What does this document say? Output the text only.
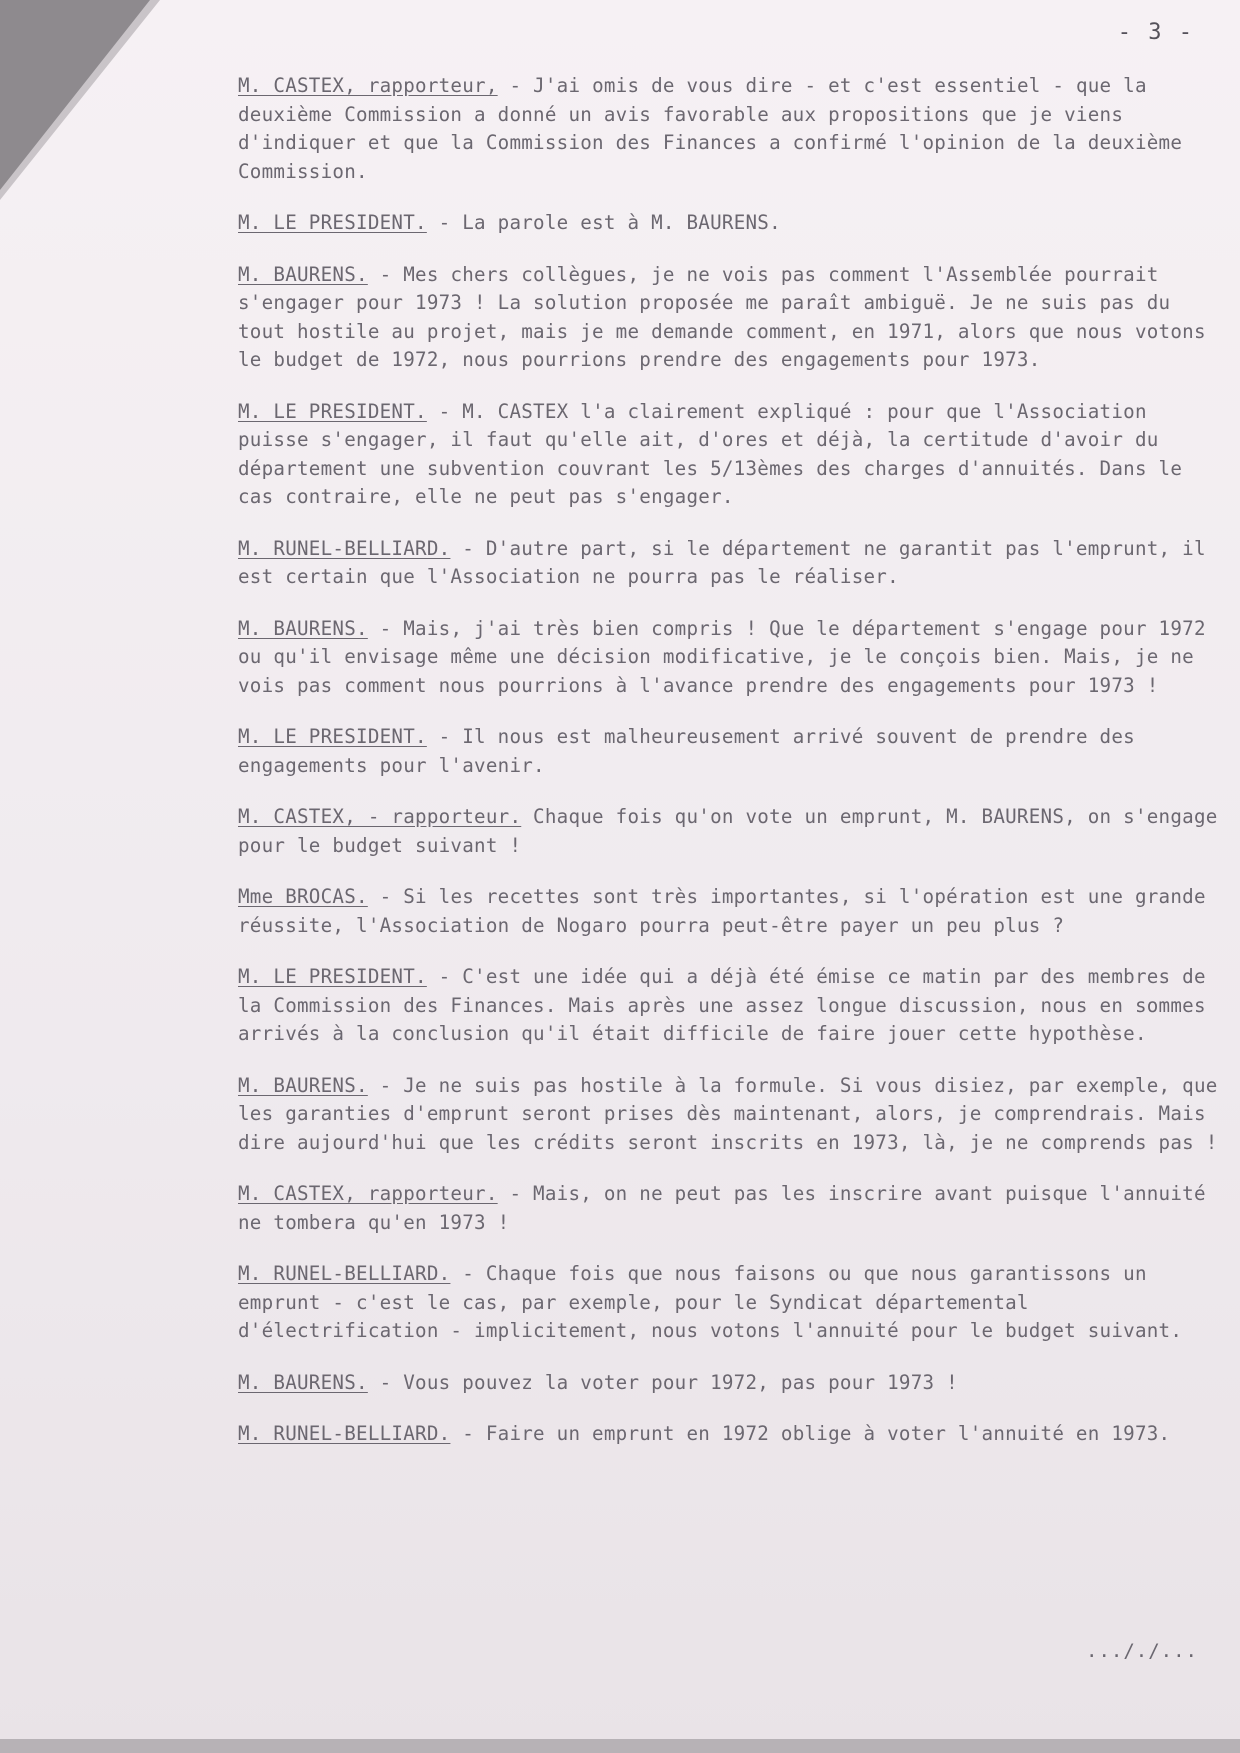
- 3 -

M. CASTEX, rapporteur, - J'ai omis de vous dire - et c'est essentiel - que la deuxième Commission a donné un avis favorable aux propositions que je viens d'indiquer et que la Commission des Finances a confirmé l'opinion de la deuxième Commission.

M. LE PRESIDENT. - La parole est à M. BAURENS.

M. BAURENS. - Mes chers collègues, je ne vois pas comment l'Assemblée pourrait s'engager pour 1973 ! La solution proposée me paraît ambiguë. Je ne suis pas du tout hostile au projet, mais je me demande comment, en 1971, alors que nous votons le budget de 1972, nous pourrions prendre des engagements pour 1973.

M. LE PRESIDENT. - M. CASTEX l'a clairement expliqué : pour que l'Association puisse s'engager, il faut qu'elle ait, d'ores et déjà, la certitude d'avoir du département une subvention couvrant les 5/13èmes des charges d'annuités. Dans le cas contraire, elle ne peut pas s'engager.

M. RUNEL-BELLIARD. - D'autre part, si le département ne garantit pas l'emprunt, il est certain que l'Association ne pourra pas le réaliser.

M. BAURENS. - Mais, j'ai très bien compris ! Que le département s'engage pour 1972 ou qu'il envisage même une décision modificative, je le conçois bien. Mais, je ne vois pas comment nous pourrions à l'avance prendre des engagements pour 1973 !

M. LE PRESIDENT. - Il nous est malheureusement arrivé souvent de prendre des engagements pour l'avenir.

M. CASTEX, - rapporteur. Chaque fois qu'on vote un emprunt, M. BAURENS, on s'engage pour le budget suivant !

Mme BROCAS. - Si les recettes sont très importantes, si l'opération est une grande réussite, l'Association de Nogaro pourra peut-être payer un peu plus ?

M. LE PRESIDENT. - C'est une idée qui a déjà été émise ce matin par des membres de la Commission des Finances. Mais après une assez longue discussion, nous en sommes arrivés à la conclusion qu'il était difficile de faire jouer cette hypothèse.

M. BAURENS. - Je ne suis pas hostile à la formule. Si vous disiez, par exemple, que les garanties d'emprunt seront prises dès maintenant, alors, je comprendrais. Mais dire aujourd'hui que les crédits seront inscrits en 1973, là, je ne comprends pas !

M. CASTEX, rapporteur. - Mais, on ne peut pas les inscrire avant puisque l'annuité ne tombera qu'en 1973 !

M. RUNEL-BELLIARD. - Chaque fois que nous faisons ou que nous garantissons un emprunt - c'est le cas, par exemple, pour le Syndicat départemental d'électrification - implicitement, nous votons l'annuité pour le budget suivant.

M. BAURENS. - Vous pouvez la voter pour 1972, pas pour 1973 !

M. RUNEL-BELLIARD. - Faire un emprunt en 1972 oblige à voter l'annuité en 1973.

..././...
